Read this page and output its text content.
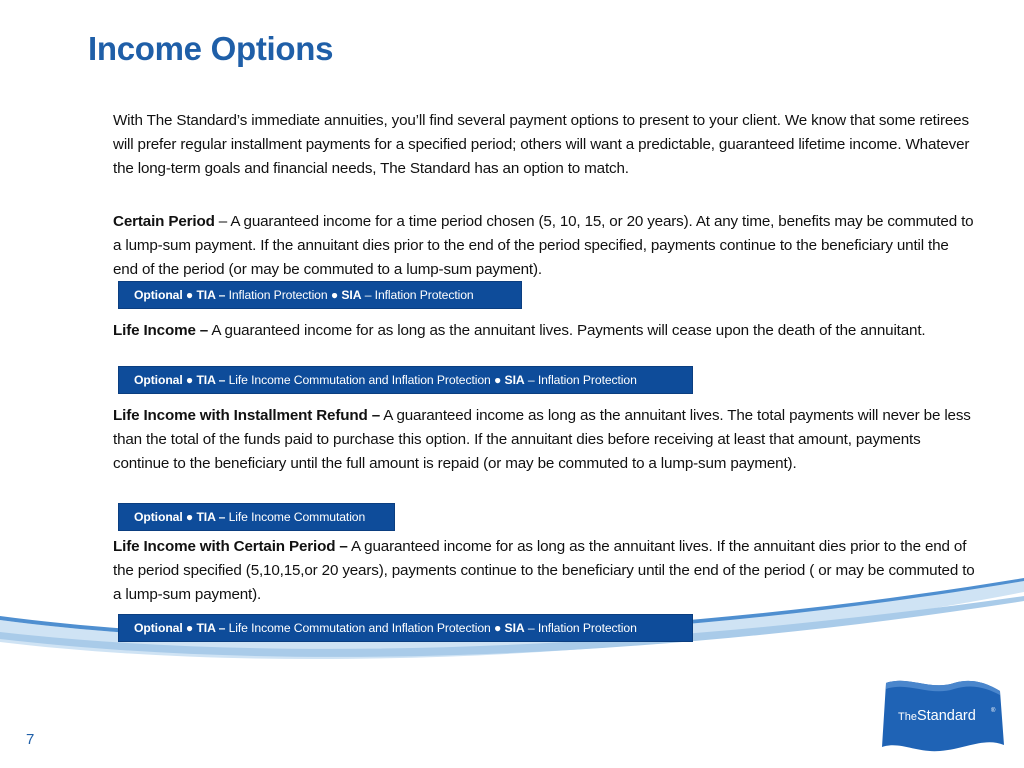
Income Options

With The Standard’s immediate annuities, you’ll find several payment options to present to your client. We know that some retirees will prefer regular installment payments for a specified period; others will want a predictable, guaranteed lifetime income. Whatever the long-term goals and financial needs, The Standard has an option to match.

Certain Period – A guaranteed income for a time period chosen (5, 10, 15, or 20 years). At any time, benefits may be commuted to a lump-sum payment. If the annuitant dies prior to the end of the period specified, payments continue to the beneficiary until the end of the period (or may be commuted to a lump-sum payment).

Optional ● TIA – Inflation Protection ● SIA – Inflation Protection

Life Income – A guaranteed income for as long as the annuitant lives. Payments will cease upon the death of the annuitant.

Optional ● TIA – Life Income Commutation and Inflation Protection ● SIA – Inflation Protection

Life Income with Installment Refund – A guaranteed income as long as the annuitant lives. The total payments will never be less than the total of the funds paid to purchase this option. If the annuitant dies before receiving at least that amount, payments continue to the beneficiary until the full amount is repaid (or may be commuted to a lump-sum payment).

Optional ● TIA – Life Income Commutation

Life Income with Certain Period – A guaranteed income for as long as the annuitant lives. If the annuitant dies prior to the end of the period specified (5,10,15,or 20 years), payments continue to the beneficiary until the end of the period ( or may be commuted to a lump-sum payment).

Optional ● TIA – Life Income Commutation and Inflation Protection ● SIA – Inflation Protection
TheStandard	®
7
